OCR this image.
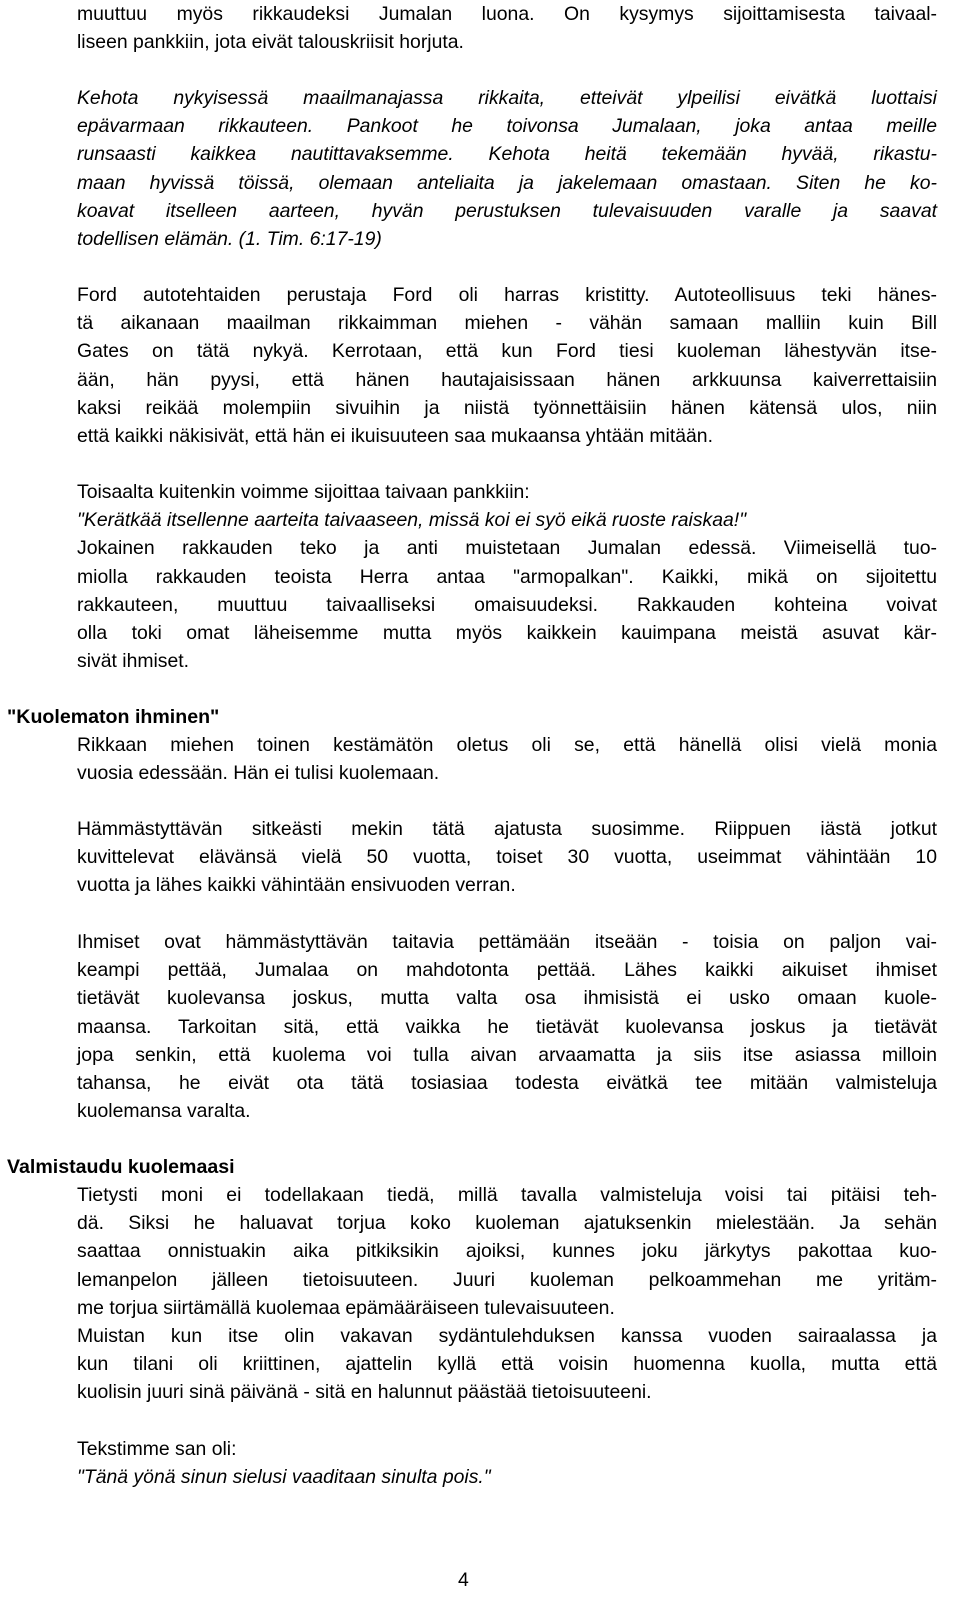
muuttuu myös rikkaudeksi Jumalan luona. On kysymys sijoittamisesta taivaal-
liseen pankkiin, jota eivät talouskriisit horjuta.
Kehota nykyisessä maailmanajassa rikkaita, etteivät ylpeilisi eivätkä luottaisi
epävarmaan rikkauteen. Pankoot he toivonsa Jumalaan, joka antaa meille
runsaasti kaikkea nautittavaksemme. Kehota heitä tekemään hyvää, rikastu-
maan hyvissä töissä, olemaan anteliaita ja jakelemaan omastaan. Siten he ko-
koavat itselleen aarteen, hyvän perustuksen tulevaisuuden varalle ja saavat
todellisen elämän. (1. Tim. 6:17-19)
Ford autotehtaiden perustaja Ford oli harras kristitty. Autoteollisuus teki hänes-
tä aikanaan maailman rikkaimman miehen - vähän samaan malliin kuin Bill
Gates on tätä nykyä. Kerrotaan, että kun Ford tiesi kuoleman lähestyvän itse-
ään, hän pyysi, että hänen hautajaisissaan hänen arkkuunsa kaiverrettaisiin
kaksi reikää molempiin sivuihin ja niistä työnnettäisiin hänen kätensä ulos, niin
että kaikki näkisivät, että hän ei ikuisuuteen saa mukaansa yhtään mitään.
Toisaalta kuitenkin voimme sijoittaa taivaan pankkiin:
"Kerätkää itsellenne aarteita taivaaseen, missä koi ei syö eikä ruoste raiskaa!"
Jokainen rakkauden teko ja anti muistetaan Jumalan edessä. Viimeisellä tuo-
miolla rakkauden teoista Herra antaa "armopalkan". Kaikki, mikä on sijoitettu
rakkauteen, muuttuu taivaalliseksi omaisuudeksi. Rakkauden kohteina voivat
olla toki omat läheisemme mutta myös kaikkein kauimpana meistä asuvat kär-
sivät ihmiset.
"Kuolematon ihminen"
Rikkaan miehen toinen kestämätön oletus oli se, että hänellä olisi vielä monia
vuosia edessään. Hän ei tulisi kuolemaan.
Hämmästyttävän sitkeästi mekin tätä ajatusta suosimme. Riippuen iästä jotkut
kuvittelevat elävänsä vielä 50 vuotta, toiset 30 vuotta, useimmat vähintään 10
vuotta ja lähes kaikki vähintään ensivuoden verran.
Ihmiset ovat hämmästyttävän taitavia pettämään itseään - toisia on paljon vai-
keampi pettää, Jumalaa on mahdotonta pettää. Lähes kaikki aikuiset ihmiset
tietävät kuolevansa joskus, mutta valta osa ihmisistä ei usko omaan kuole-
maansa. Tarkoitan sitä, että vaikka he tietävät kuolevansa joskus ja tietävät
jopa senkin, että kuolema voi tulla aivan arvaamatta ja siis itse asiassa milloin
tahansa, he eivät ota tätä tosiasiaa todesta eivätkä tee mitään valmisteluja
kuolemansa varalta.
Valmistaudu kuolemaasi
Tietysti moni ei todellakaan tiedä, millä tavalla valmisteluja voisi tai pitäisi teh-
dä. Siksi he haluavat torjua koko kuoleman ajatuksenkin mielestään. Ja sehän
saattaa onnistuakin aika pitkiksikin ajoiksi, kunnes joku järkytys pakottaa kuo-
lemanpelon jälleen tietoisuuteen. Juuri kuoleman pelkoammehan me yritäm-
me torjua siirtämällä kuolemaa epämääräiseen tulevaisuuteen.
Muistan kun itse olin vakavan sydäntulehduksen kanssa vuoden sairaalassa ja
kun tilani oli kriittinen, ajattelin kyllä että voisin huomenna kuolla, mutta että
kuolisin juuri sinä päivänä - sitä en halunnut päästää tietoisuuteeni.
Tekstimme san oli:
"Tänä yönä sinun sielusi vaaditaan sinulta pois."
4
